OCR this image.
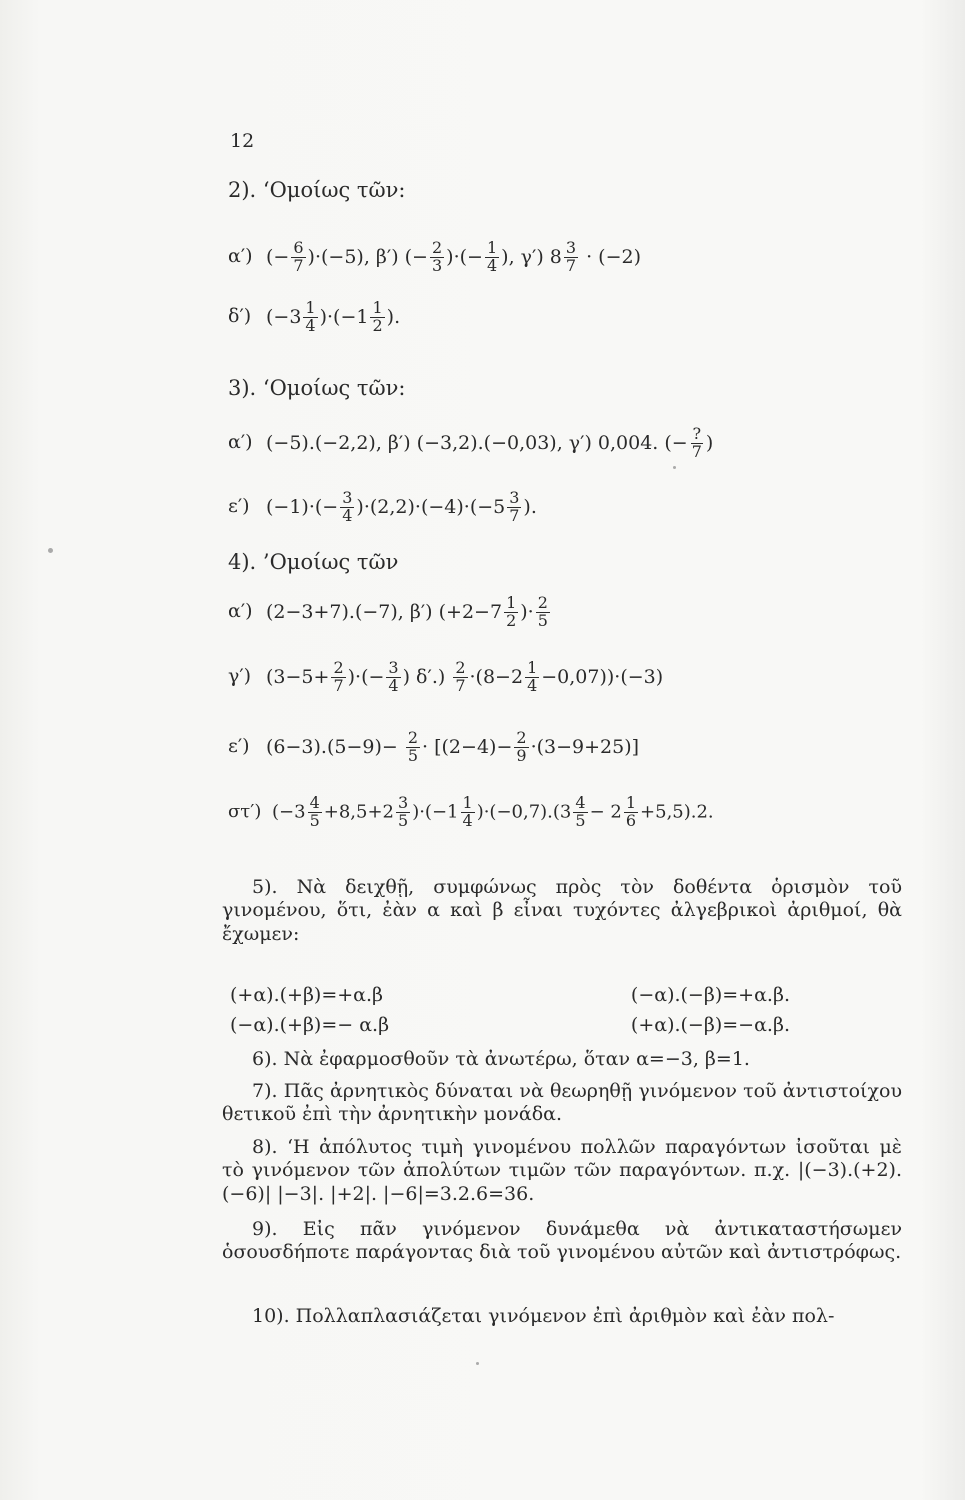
12
2). ‘Ομοίως τῶν:
α′) (− $\frac{6}{7} )\cdot(-5)$, β′) (− $\frac{2}{3}$ )·(− $\frac{1}{4}$ ), γ′) $8 \frac{3}{7} \cdot (-2)$
δ′) $(-3 \frac{1}{4} )\cdot(-1 \frac{1}{2}$ ).
3). ‘Ομοίως τῶν:
α′) (−5).(−2,2), β′) (−3,2).(−0,03), γ′) 0,004. (− $\frac{?}{7}$ )
ε′) $(-1)\cdot(- \frac{3}{4} )\cdot(2,2)\cdot(-4)\cdot(-5 \frac{3}{7}$ ).
4). ’Ομοίως τῶν
α′) (2−3+7).(−7), β′) ($+2-7 \frac{1}{2}$ )· $\frac{2}{5}$
γ′) ($3-5+ \frac{2}{7}$ )·(− $\frac{3}{4}$ ) $\delta'.) \frac{2}{7} \cdot(8-2 \frac{1}{4} -0,07))\cdot(-3)$
ε′) $(6-3).(5-9)- \frac{2}{5} \cdot [(2-4)- \frac{2}{9} \cdot(3-9+25)]$
στ′) $(-3 \frac{4}{5} +8,5+2 \frac{3}{5} )\cdot(-1 \frac{1}{4} )\cdot(-0,7).(3 \frac{4}{5} - 2 \frac{1}{6} +5,5).2$.

5). Νὰ δειχθῇ, συμφώνως πρὸς τὸν δοθέντα ὁρισμὸν τοῦ γινομένου, ὅτι, ἐὰν α καὶ β εἶναι τυχόντες ἀλγεβρικοὶ ἀριθμοί, θὰ ἔχωμεν:

(+α).(+β)=+α.β	(−α).(−β)=+α.β.
(−α).(+β)=− α.β	(+α).(−β)=−α.β.

6). Νὰ ἐφαρμοσθοῦν τὰ ἀνωτέρω, ὅταν α=−3, β=1.

7). Πᾶς ἀρνητικὸς δύναται νὰ θεωρηθῇ γινόμενον τοῦ ἀντιστοίχου θετικοῦ ἐπὶ τὴν ἀρνητικὴν μονάδα.

8). ‘Η ἀπόλυτος τιμὴ γινομένου πολλῶν παραγόντων ἰσοῦται μὲ τὸ γινόμενον τῶν ἀπολύτων τιμῶν τῶν παραγόντων. π.χ. |(−3).(+2).(−6)| |−3|. |+2|. |−6|=3.2.6=36.

9). Εἰς πᾶν γινόμενον δυνάμεθα νὰ ἀντικαταστήσωμεν ὁσουσδήποτε παράγοντας διὰ τοῦ γινομένου αὐτῶν καὶ ἀντιστρόφως.

10). Πολλαπλασιάζεται γινόμενον ἐπὶ ἀριθμὸν καὶ ἐὰν πολ-
